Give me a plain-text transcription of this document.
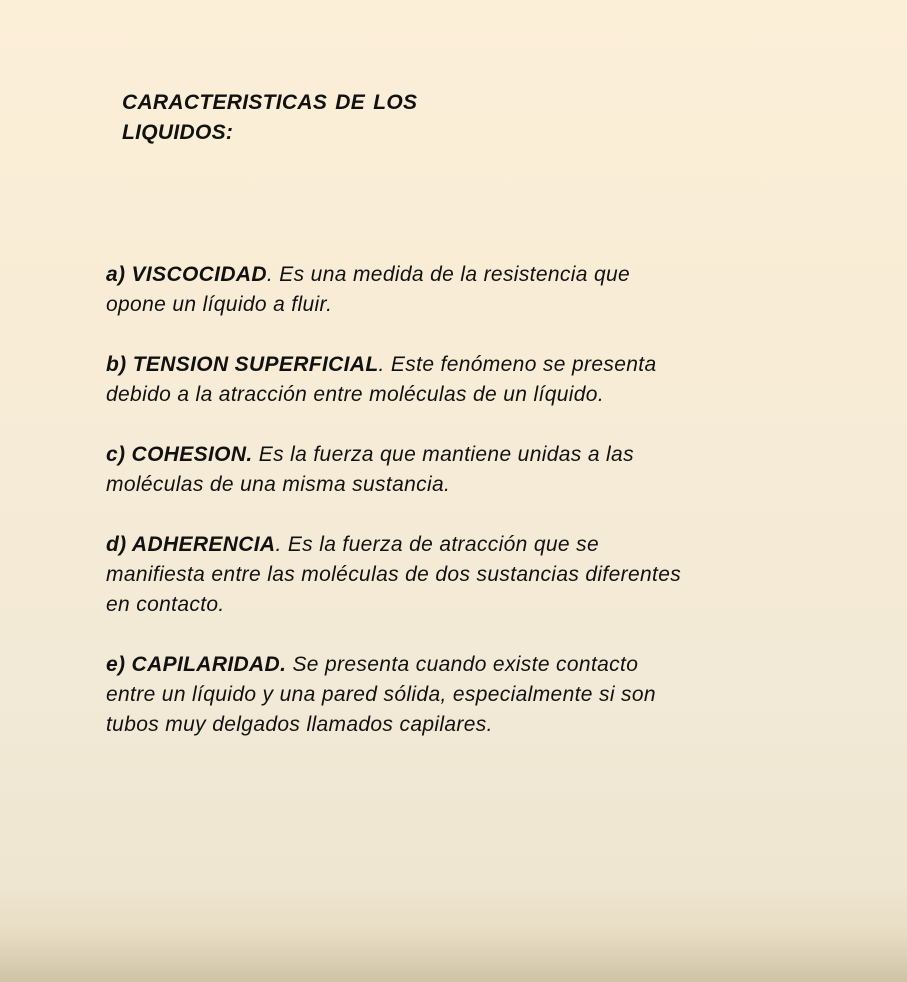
CARACTERISTICAS DE LOS LIQUIDOS:
a) VISCOCIDAD. Es una medida de la resistencia que opone un líquido a fluir.
b) TENSION SUPERFICIAL. Este fenómeno se presenta debido a la atracción entre moléculas de un líquido.
c) COHESION. Es la fuerza que mantiene unidas a las moléculas de una misma sustancia.
d) ADHERENCIA. Es la fuerza de atracción que se manifiesta entre las moléculas de dos sustancias diferentes en contacto.
e) CAPILARIDAD. Se presenta cuando existe contacto entre un líquido y una pared sólida, especialmente si son tubos muy delgados llamados capilares.
